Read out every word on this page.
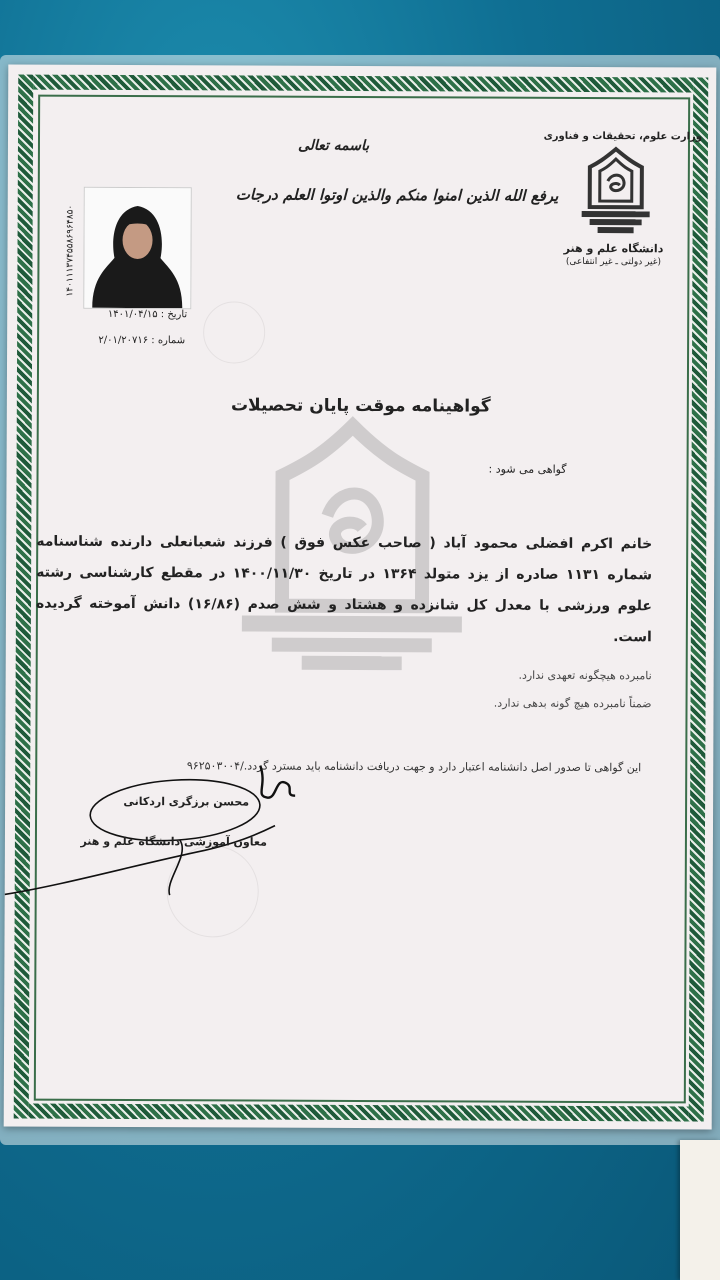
وزارت علوم، تحقیقات و فناوری
دانشگاه علم و هنر
(غیر دولتی ـ غیر انتفاعی)
باسمه تعالی
یرفع الله الذین امنوا منکم والذین اوتوا العلم درجات
۱۴۰۱۱۱۳۷۴۵۵۸۶۹۶۴۸۵۰
تاریخ : ۱۴۰۱/۰۴/۱۵
شماره : ۲/۰۱/۲۰۷۱۶
گواهینامه موقت پایان تحصیلات
گواهی می شود :
خانم اکرم افضلی محمود آباد ( صاحب عکس فوق ) فرزند شعبانعلی دارنده شناسنامه شماره ۱۱۳۱ صادره از یزد متولد ۱۳۶۴ در تاریخ ۱۴۰۰/۱۱/۳۰ در مقطع کارشناسی رشته علوم ورزشی با معدل کل شانزده و هشتاد و شش صدم (۱۶/۸۶) دانش آموخته گردیده است.
نامبرده هیچگونه تعهدی ندارد.
ضمناً نامبرده هیچ گونه بدهی ندارد.
این گواهی تا صدور اصل دانشنامه اعتبار دارد و جهت دریافت دانشنامه باید مسترد گردد./۹۶۲۵۰۳۰۰۴
محسن برزگری اردکانی
معاون آموزشی دانشگاه علم و هنر
